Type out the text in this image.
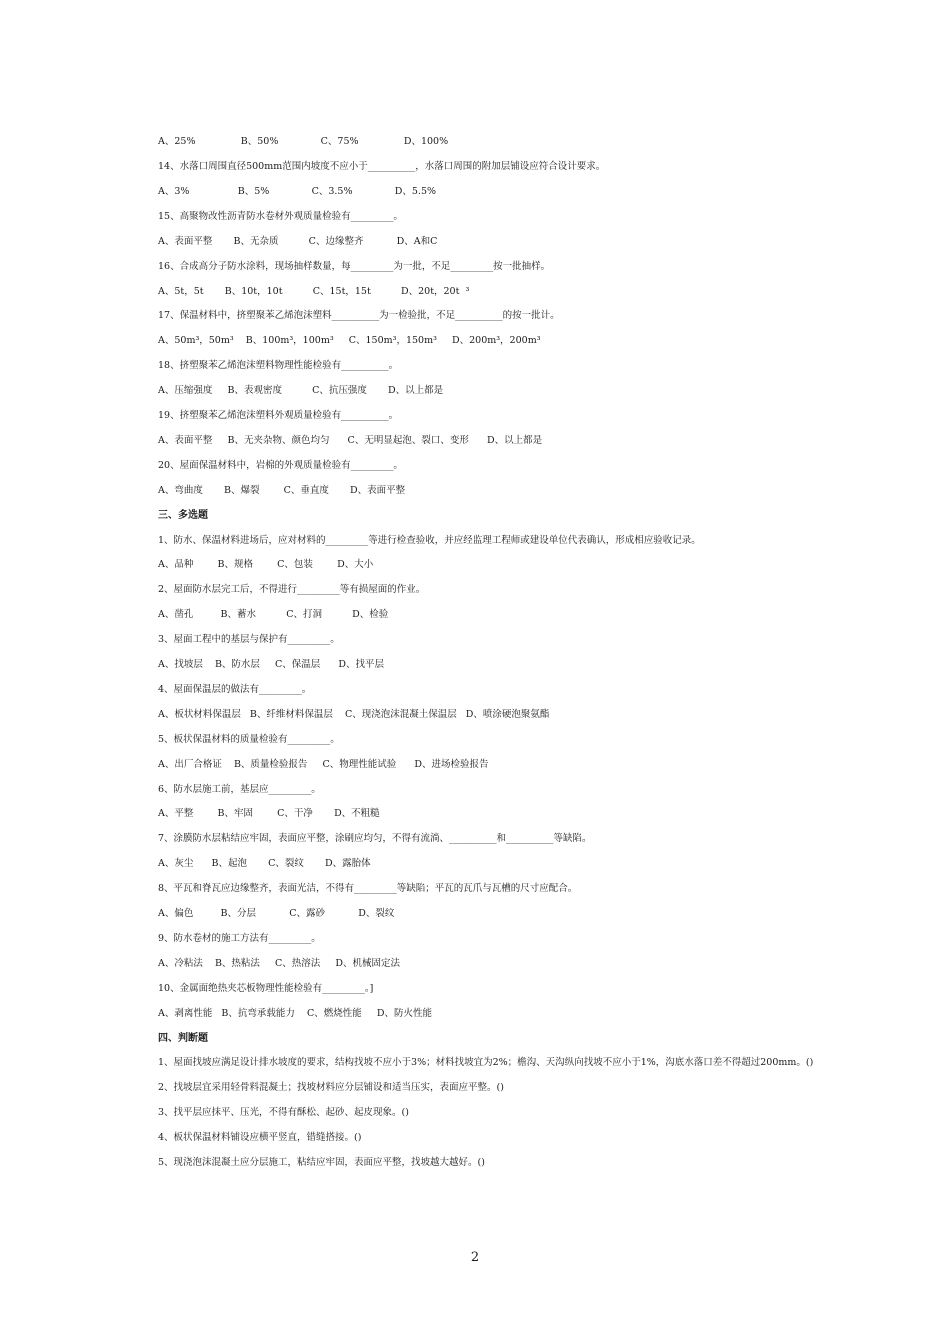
A、25%               B、50%              C、75%               D、100%
14、水落口周围直径500mm范围内坡度不应小于__________，水落口周围的附加层铺设应符合设计要求。
A、3%                B、5%              C、3.5%              D、5.5%
15、高聚物改性沥青防水卷材外观质量检验有_________。
A、表面平整       B、无杂质          C、边缘整齐           D、A和C
16、合成高分子防水涂料，现场抽样数量，每_________为一批，不足_________按一批抽样。
A、5t，5t       B、10t，10t          C、15t，15t          D、20t，20t  ³
17、保温材料中，挤塑聚苯乙烯泡沫塑料__________为一检验批，不足__________的按一批计。
A、50m³，50m³    B、100m³，100m³     C、150m³，150m³     D、200m³，200m³
18、挤塑聚苯乙烯泡沫塑料物理性能检验有__________。
A、压缩强度     B、表观密度          C、抗压强度       D、以上都是
19、挤塑聚苯乙烯泡沫塑料外观质量检验有__________。
A、表面平整     B、无夹杂物、颜色均匀      C、无明显起泡、裂口、变形      D、以上都是
20、屋面保温材料中，岩棉的外观质量检验有_________。
A、弯曲度       B、爆裂        C、垂直度       D、表面平整
三、多选题
1、防水、保温材料进场后，应对材料的_________等进行检查验收，并应经监理工程师或建设单位代表确认，形成相应验收记录。
A、品种        B、规格        C、包装        D、大小
2、屋面防水层完工后，不得进行_________等有损屋面的作业。
A、凿孔         B、蓄水          C、打洞          D、检验
3、屋面工程中的基层与保护有_________。
A、找坡层    B、防水层     C、保温层      D、找平层
4、屋面保温层的做法有_________。
A、板状材料保温层   B、纤维材料保温层    C、现浇泡沫混凝土保温层   D、喷涂硬泡聚氨酯
5、板状保温材料的质量检验有_________。
A、出厂合格证    B、质量检验报告     C、物理性能试验      D、进场检验报告
6、防水层施工前，基层应_________。
A、平整        B、牢固        C、干净       D、不粗糙
7、涂膜防水层粘结应牢固，表面应平整，涂刷应均匀，不得有流淌、__________和__________等缺陷。
A、灰尘      B、起泡       C、裂纹       D、露胎体
8、平瓦和脊瓦应边缘整齐，表面光洁，不得有_________等缺陷；平瓦的瓦爪与瓦槽的尺寸应配合。
A、偏色         B、分层           C、露砂           D、裂纹
9、防水卷材的施工方法有_________。
A、冷粘法    B、热粘法     C、热溶法     D、机械固定法
10、金属面绝热夹芯板物理性能检验有_________。]
A、剥离性能   B、抗弯承载能力    C、燃烧性能     D、防火性能
四、判断题
1、屋面找坡应满足设计排水坡度的要求，结构找坡不应小于3%；材料找坡宜为2%；檐沟、天沟纵向找坡不应小于1%，沟底水落口差不得超过200mm。()
2、找坡层宜采用轻骨料混凝土；找坡材料应分层铺设和适当压实，表面应平整。()
3、找平层应抹平、压光，不得有酥松、起砂、起皮现象。()
4、板状保温材料铺设应横平竖直，错缝搭接。()
5、现浇泡沫混凝土应分层施工，粘结应牢固，表面应平整，找坡越大越好。()
2
